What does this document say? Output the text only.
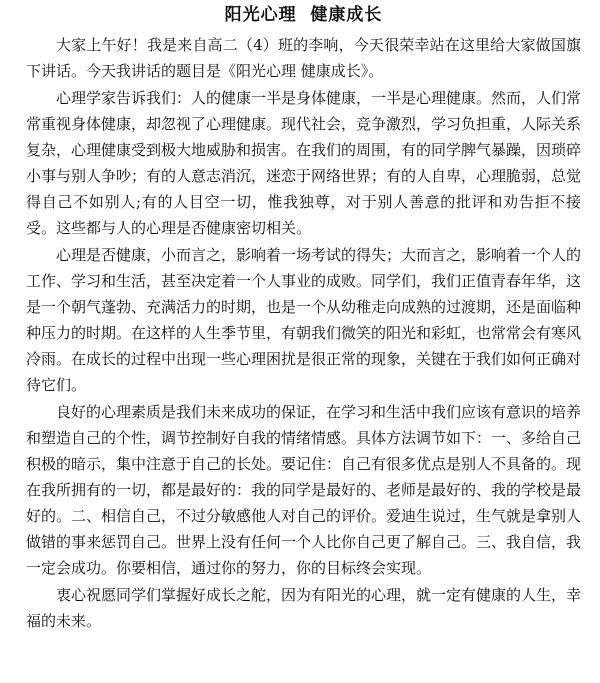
阳光心理  健康成长

大家上午好！我是来自高二（4）班的李响，今天很荣幸站在这里给大家做国旗下讲话。今天我讲话的题目是《阳光心理 健康成长》。

心理学家告诉我们：人的健康一半是身体健康，一半是心理健康。然而，人们常常重视身体健康，却忽视了心理健康。现代社会，竞争激烈，学习负担重，人际关系复杂，心理健康受到极大地威胁和损害。在我们的周围，有的同学脾气暴躁，因琐碎小事与别人争吵；有的人意志消沉，迷恋于网络世界；有的人自卑，心理脆弱，总觉得自己不如别人;有的人目空一切，惟我独尊，对于别人善意的批评和劝告拒不接受。这些都与人的心理是否健康密切相关。

心理是否健康，小而言之，影响着一场考试的得失；大而言之，影响着一个人的工作、学习和生活，甚至决定着一个人事业的成败。同学们，我们正值青春年华，这是一个朝气蓬勃、充满活力的时期，也是一个从幼稚走向成熟的过渡期，还是面临种种压力的时期。在这样的人生季节里，有朝我们微笑的阳光和彩虹，也常常会有寒风冷雨。在成长的过程中出现一些心理困扰是很正常的现象，关键在于我们如何正确对待它们。

良好的心理素质是我们未来成功的保证，在学习和生活中我们应该有意识的培养和塑造自己的个性，调节控制好自我的情绪情感。具体方法调节如下：一、多给自己积极的暗示，集中注意于自己的长处。要记住：自己有很多优点是别人不具备的。现在我所拥有的一切，都是最好的：我的同学是最好的、老师是最好的、我的学校是最好的。二、相信自己，不过分敏感他人对自己的评价。爱迪生说过，生气就是拿别人做错的事来惩罚自己。世界上没有任何一个人比你自己更了解自己。三、我自信，我一定会成功。你要相信，通过你的努力，你的目标终会实现。

衷心祝愿同学们掌握好成长之舵，因为有阳光的心理，就一定有健康的人生，幸福的未来。
